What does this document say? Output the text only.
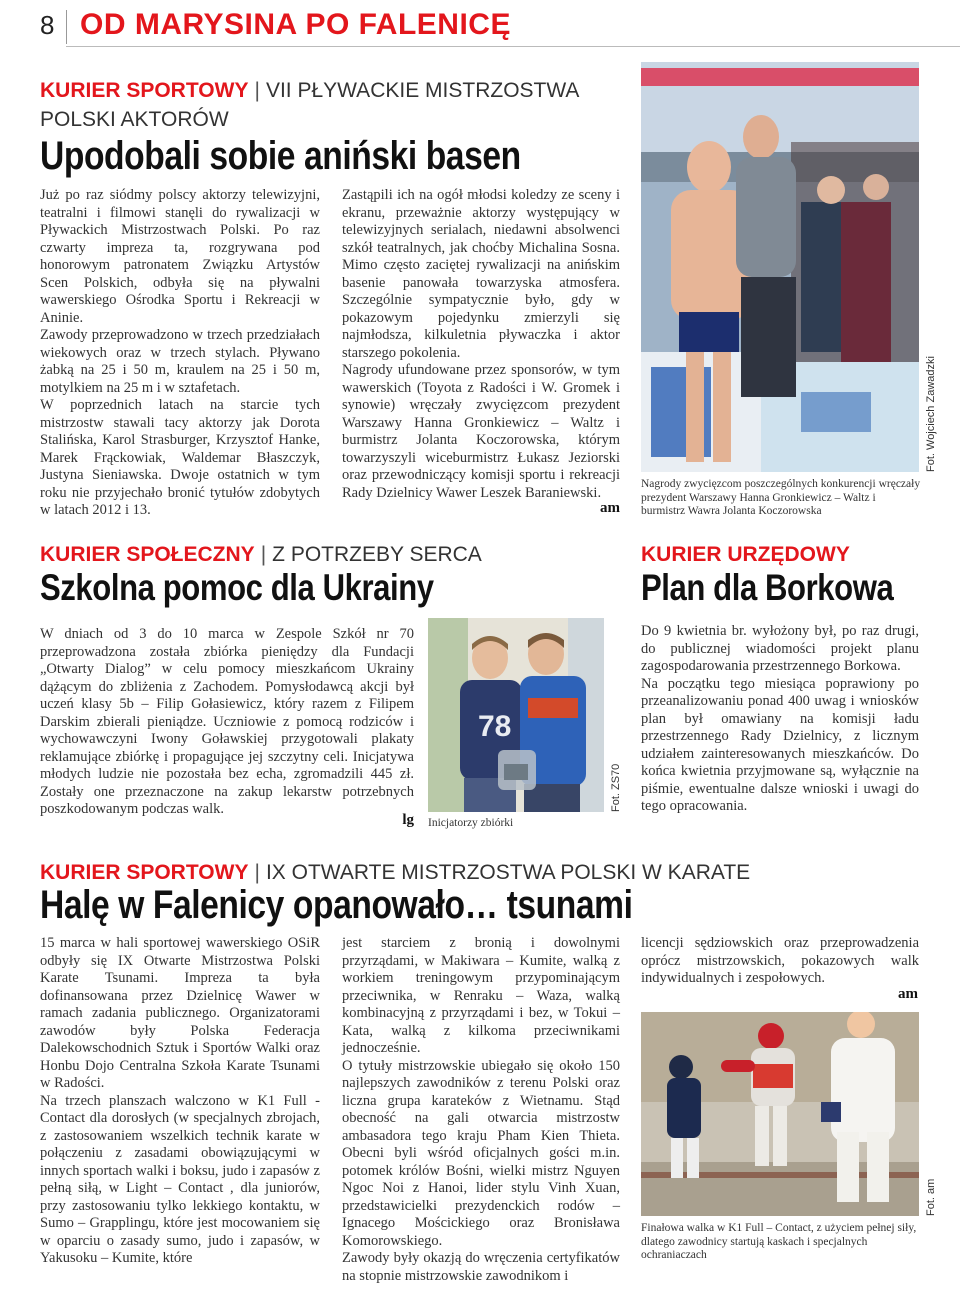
8 OD MARYSINA PO FALENICĘ
KURIER SPORTOWY | VII PŁYWACKIE MISTRZOSTWA
POLSKI AKTORÓW
Upodobali sobie aniński basen

Już po raz siódmy polscy aktorzy telewizyjni, teatralni i filmowi stanęli do rywalizacji w Pływackich Mistrzostwach Polski. Po raz czwarty impreza ta, rozgrywana pod honorowym patronatem Związku Artystów Scen Polskich, odbyła się na pływalni wawerskiego Ośrodka Sportu i Rekreacji w Aninie.

Zawody przeprowadzono w trzech przedziałach wiekowych oraz w trzech stylach. Pływano żabką na 25 i 50 m, kraulem na 25 i 50 m, motylkiem na 25 m i w sztafetach.

W poprzednich latach na starcie tych mistrzostw stawali tacy aktorzy jak Dorota Stalińska, Karol Strasburger, Krzysztof Hanke, Marek Frąckowiak, Waldemar Błaszczyk, Justyna Sieniawska. Dwoje ostatnich w tym roku nie przyjechało bronić tytułów zdobytych w latach 2012 i 13.

Zastąpili ich na ogół młodsi koledzy ze sceny i ekranu, przeważnie aktorzy występujący w telewizyjnych serialach, niedawni absolwenci szkół teatralnych, jak choćby Michalina Sosna. Mimo często zaciętej rywalizacji na anińskim basenie panowała towarzyska atmosfera. Szczególnie sympatycznie było, gdy w pokazowym pojedynku zmierzyli się najmłodsza, kilkuletnia pływaczka i aktor starszego pokolenia.

Nagrody ufundowane przez sponsorów, w tym wawerskich (Toyota z Radości i W. Gromek i synowie) wręczały zwycięzcom prezydent Warszawy Hanna Gronkiewicz – Waltz i burmistrz Jolanta Koczorowska, którym towarzyszyli wiceburmistrz Łukasz Jeziorski oraz przewodniczący komisji sportu i rekreacji Rady Dzielnicy Wawer Leszek Baraniewski.

am
Fot. Wojciech Zawadzki
Nagrody zwycięzcom poszczególnych konkurencji wręczały prezydent Warszawy Hanna Gronkiewicz – Waltz i burmistrz Wawra Jolanta Koczorowska
KURIER SPOŁECZNY | Z POTRZEBY SERCA
Szkolna pomoc dla Ukrainy

W dniach od 3 do 10 marca w Zespole Szkół nr 70 przeprowadzona została zbiórka pieniędzy dla Fundacji „Otwarty Dialog” w celu pomocy mieszkańcom Ukrainy dążącym do zbliżenia z Zachodem. Pomysłodawcą akcji był uczeń klasy 5b – Filip Gołasiewicz, który razem z Filipem Darskim zbierali pieniądze. Uczniowie z pomocą rodziców i wychowawczyni Iwony Goławskiej przygotowali plakaty reklamujące zbiórkę i propagujące jej szczytny celi. Inicjatywa młodych ludzie nie pozostała bez echa, zgromadzili 445 zł. Zostały one przeznaczone na zakup lekarstw potrzebnych poszkodowanym podczas walk.

lg
78
Fot. ZS70
Inicjatorzy zbiórki
KURIER URZĘDOWY
Plan dla Borkowa

Do 9 kwietnia br. wyłożony był, po raz drugi, do publicznej wiadomości projekt planu zagospodarowania przestrzennego Borkowa.

Na początku tego miesiąca poprawiony po przeanalizowaniu ponad 400 uwag i wniosków plan był omawiany na komisji ładu przestrzennego Rady Dzielnicy, z licznym udziałem zainteresowanych mieszkańców. Do końca kwietnia przyjmowane są, wyłącznie na piśmie, ewentualne dalsze wnioski i uwagi do tego opracowania.

KURIER SPORTOWY | IX OTWARTE MISTRZOSTWA POLSKI W KARATE
Halę w Falenicy opanowało… tsunami

15 marca w hali sportowej wawerskiego OSiR odbyły się IX Otwarte Mistrzostwa Polski Karate Tsunami. Impreza ta była dofinansowana przez Dzielnicę Wawer w ramach zadania publicznego. Organizatorami zawodów były Polska Federacja Dalekowschodnich Sztuk i Sportów Walki oraz Honbu Dojo Centralna Szkoła Karate Tsunami w Radości.

Na trzech planszach walczono w K1 Full - Contact dla dorosłych (w specjalnych zbrojach, z zastosowaniem wszelkich technik karate w połączeniu z zasadami obowiązującymi w innych sportach walki i boksu, judo i zapasów z pełną siłą, w Light – Contact , dla juniorów, przy zastosowaniu tylko lekkiego kontaktu, w Sumo – Grapplingu, które jest mocowaniem się w oparciu o zasady sumo, judo i zapasów, w Yakusoku – Kumite, które

jest starciem z bronią i dowolnymi przyrządami, w Makiwara – Kumite, walką z workiem treningowym przypominającym przeciwnika, w Renraku – Waza, walką kombinacyjną z przyrządami i bez, w Tokui – Kata, walką z kilkoma przeciwnikami jednocześnie.

O tytuły mistrzowskie ubiegało się około 150 najlepszych zawodników z terenu Polski oraz liczna grupa karateków z Wietnamu. Stąd obecność na gali otwarcia mistrzostw ambasadora tego kraju Pham Kien Thieta. Obecni byli wśród oficjalnych gości m.in. potomek królów Bośni, wielki mistrz Nguyen Ngoc Noi z Hanoi, lider stylu Vinh Xuan, przedstawicielki prezydenckich rodów – Ignacego Mościckiego oraz Bronisława Komorowskiego.

Zawody były okazją do wręczenia certyfikatów na stopnie mistrzowskie zawodnikom i

licencji sędziowskich oraz przeprowadzenia oprócz mistrzowskich, pokazowych walk indywidualnych i zespołowych.

am
Fot. am
Finałowa walka w K1 Full – Contact, z użyciem pełnej siły, dlatego zawodnicy startują kaskach i specjalnych ochraniaczach
